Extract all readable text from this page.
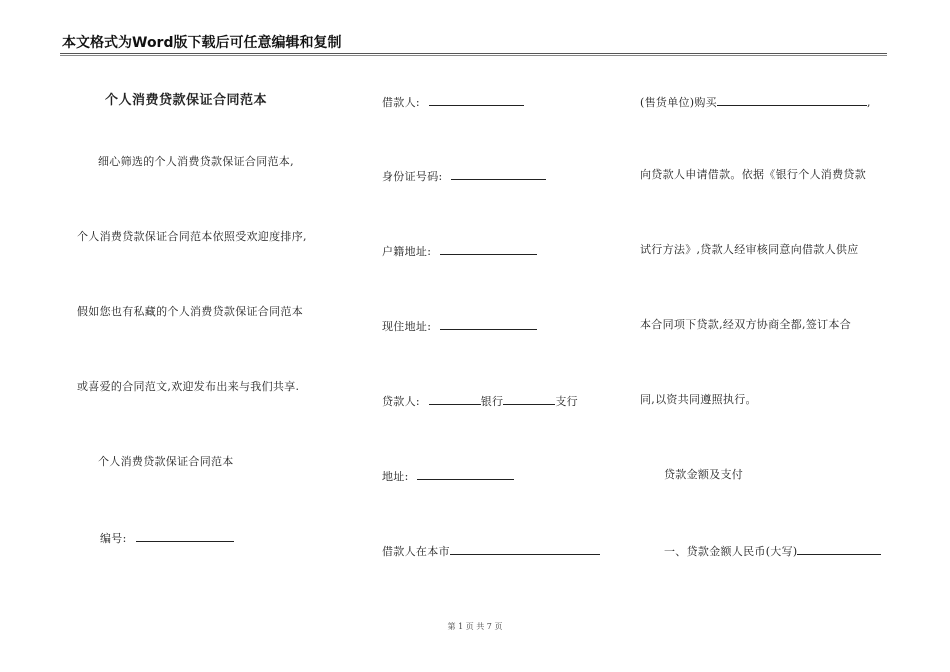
本文格式为Word版下载后可任意编辑和复制
个人消费贷款保证合同范本
细心筛选的个人消费贷款保证合同范本,
个人消费贷款保证合同范本依照受欢迎度排序,
假如您也有私藏的个人消费贷款保证合同范本
或喜爱的合同范文,欢迎发布出来与我们共享.
个人消费贷款保证合同范本
编号:
借款人:
身份证号码:
户籍地址:
现住地址:
贷款人:	银行	支行
地址:
借款人在本市
(售货单位)购买	,
向贷款人申请借款。依据《银行个人消费贷款
试行方法》,贷款人经审核同意向借款人供应
本合同项下贷款,经双方协商全都,签订本合
同,以资共同遵照执行。
贷款金额及支付
一、贷款金额人民币(大写)
第 1 页 共 7 页
